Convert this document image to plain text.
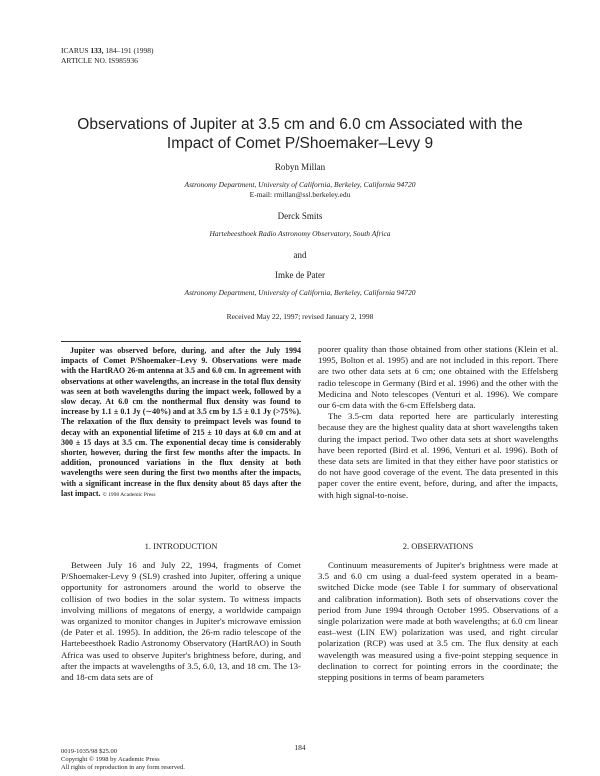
ICARUS 133, 184–191 (1998)
ARTICLE NO. IS985936
Observations of Jupiter at 3.5 cm and 6.0 cm Associated with the
Impact of Comet P/Shoemaker–Levy 9
Robyn Millan
Astronomy Department, University of California, Berkeley, California 94720
E-mail: rmillan@ssl.berkeley.edu
Derck Smits
Hartebeesthoek Radio Astronomy Observatory, South Africa
and
Imke de Pater
Astronomy Department, University of California, Berkeley, California 94720
Received May 22, 1997; revised January 2, 1998
Jupiter was observed before, during, and after the July 1994 impacts of Comet P/Shoemaker–Levy 9. Observations were made with the HartRAO 26-m antenna at 3.5 and 6.0 cm. In agreement with observations at other wavelengths, an increase in the total flux density was seen at both wavelengths during the impact week, followed by a slow decay. At 6.0 cm the nonthermal flux density was found to increase by 1.1 ± 0.1 Jy (∼40%) and at 3.5 cm by 1.5 ± 0.1 Jy (>75%). The relaxation of the flux density to preimpact levels was found to decay with an exponential lifetime of 215 ± 10 days at 6.0 cm and at 300 ± 15 days at 3.5 cm. The exponential decay time is considerably shorter, however, during the first few months after the impacts. In addition, pronounced variations in the flux density at both wavelengths were seen during the first two months after the impacts, with a significant increase in the flux density about 85 days after the last impact. © 1998 Academic Press

poorer quality than those obtained from other stations (Klein et al. 1995, Bolton et al. 1995) and are not included in this report. There are two other data sets at 6 cm; one obtained with the Effelsberg radio telescope in Germany (Bird et al. 1996) and the other with the Medicina and Noto telescopes (Venturi et al. 1996). We compare our 6-cm data with the 6-cm Effelsberg data.

The 3.5-cm data reported here are particularly interesting because they are the highest quality data at short wavelengths taken during the impact period. Two other data sets at short wavelengths have been reported (Bird et al. 1996, Venturi et al. 1996). Both of these data sets are limited in that they either have poor statistics or do not have good coverage of the event. The data presented in this paper cover the entire event, before, during, and after the impacts, with high signal-to-noise.

1. INTRODUCTION	2. OBSERVATIONS

Between July 16 and July 22, 1994, fragments of Comet P/Shoemaker-Levy 9 (SL9) crashed into Jupiter, offering a unique opportunity for astronomers around the world to observe the collision of two bodies in the solar system. To witness impacts involving millions of megatons of energy, a worldwide campaign was organized to monitor changes in Jupiter's microwave emission (de Pater et al. 1995). In addition, the 26-m radio telescope of the Hartebeesthoek Radio Astronomy Observatory (HartRAO) in South Africa was used to observe Jupiter's brightness before, during, and after the impacts at wavelengths of 3.5, 6.0, 13, and 18 cm. The 13- and 18-cm data sets are of

Continuum measurements of Jupiter's brightness were made at 3.5 and 6.0 cm using a dual-feed system operated in a beam-switched Dicke mode (see Table I for summary of observational and calibration information). Both sets of observations cover the period from June 1994 through October 1995. Observations of a single polarization were made at both wavelengths; at 6.0 cm linear east–west (LIN EW) polarization was used, and right circular polarization (RCP) was used at 3.5 cm. The flux density at each wavelength was measured using a five-point stepping sequence in declination to correct for pointing errors in the coordinate; the stepping positions in terms of beam parameters

184
0019-1035/98 $25.00
Copyright © 1998 by Academic Press
All rights of reproduction in any form reserved.
